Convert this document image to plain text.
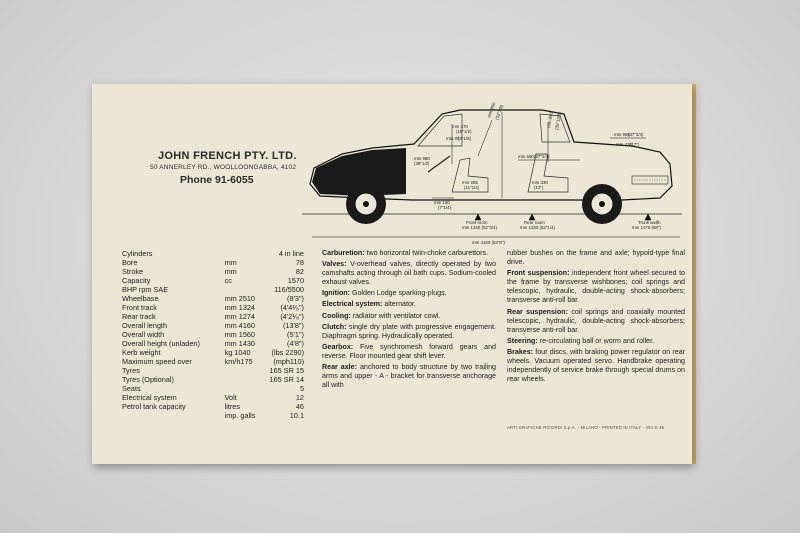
JOHN FRENCH PTY. LTD.
50 ANNERLEY RD., WOOLLOONGABBA, 4102
Phone 91-6055
mm 470
(18"1/2)
mm 80
(3"1/8)
mm 980
(38"1/2)
mm 860
(33"7/8)	mm 890 (35"1/16)
mm 690 (27"1/4)
mm 960
(37"3/4)
mm 430
(17")
mm 285
(11"1/4)
mm 330
(13")
mm 190
(7"1/4)
Front room
mm 1340 (52"3/4)
Rear room
mm 1330 (52"1/4)
Trunk width
mm 1470 (58")
mm 4160 (53"8")
Cylinders		4 in line
Bore	mm	78
Stroke	mm	82
Capacity	cc	1570
BHP rpm SAE		116/5500
Wheelbase	mm 2510	(8'3")
Front track	mm 1324	(4'4¹⁄₈")
Rear track	mm 1274	(4'2¹⁄₈")
Overall length	mm 4160	(13'8")
Overall width	mm 1560	(5'1")
Overall height (unladen)	mm 1430	(4'8")
Kerb weight	kg 1040	(lbs 2290)
Maximum speed over	km/h175	(mph110)
Tyres		165 SR 15
Tyres (Optional)		165 SR 14
Seats		5
Electrical system	Volt	12
Petrol tank capacity	litres	46
	imp. galls	10.1

Carburetion: two horizontal twin-choke carburettors.

Valves: V-overhead valves, directly operated by two camshafts acting through oil bath cups. Sodium-cooled exhaust valves.

Ignition: Golden Lodge sparking-plugs.

Electrical system: alternator.

Cooling: radiator with ventilator cowl.

Clutch: single dry plate with progressive engagement. Diaphragm spring. Hydraulically operated.

Gearbox: Five synchromesh forward gears and reverse. Floor mounted gear shift lever.

Rear axle: anchored to body structure by two trailing arms and upper - A - bracket for transverse anchorage all with

rubber bushes on the frame and axle; hypoid-type final drive.

Front suspension: independent front wheel secured to the frame by transverse wishbones; coil springs and telescopic, hydraulic, double-acting shock-absorbers; transverse anti-roll bar.

Rear suspension: coil springs and coaxially mounted telescopic, hydraulic, double-acting shock-absorbers; transverse anti-roll bar.

Steering: re-circulating ball or worm and roller.

Brakes: four discs, with braking power regulator on rear wheels. Vacuum operated servo. Handbrake operating independently of service brake through special drums on rear wheels.

ARTI GRAFICHE RICORDI S.p.A. - MILANO - PRINTED IN ITALY - 404 D 46
